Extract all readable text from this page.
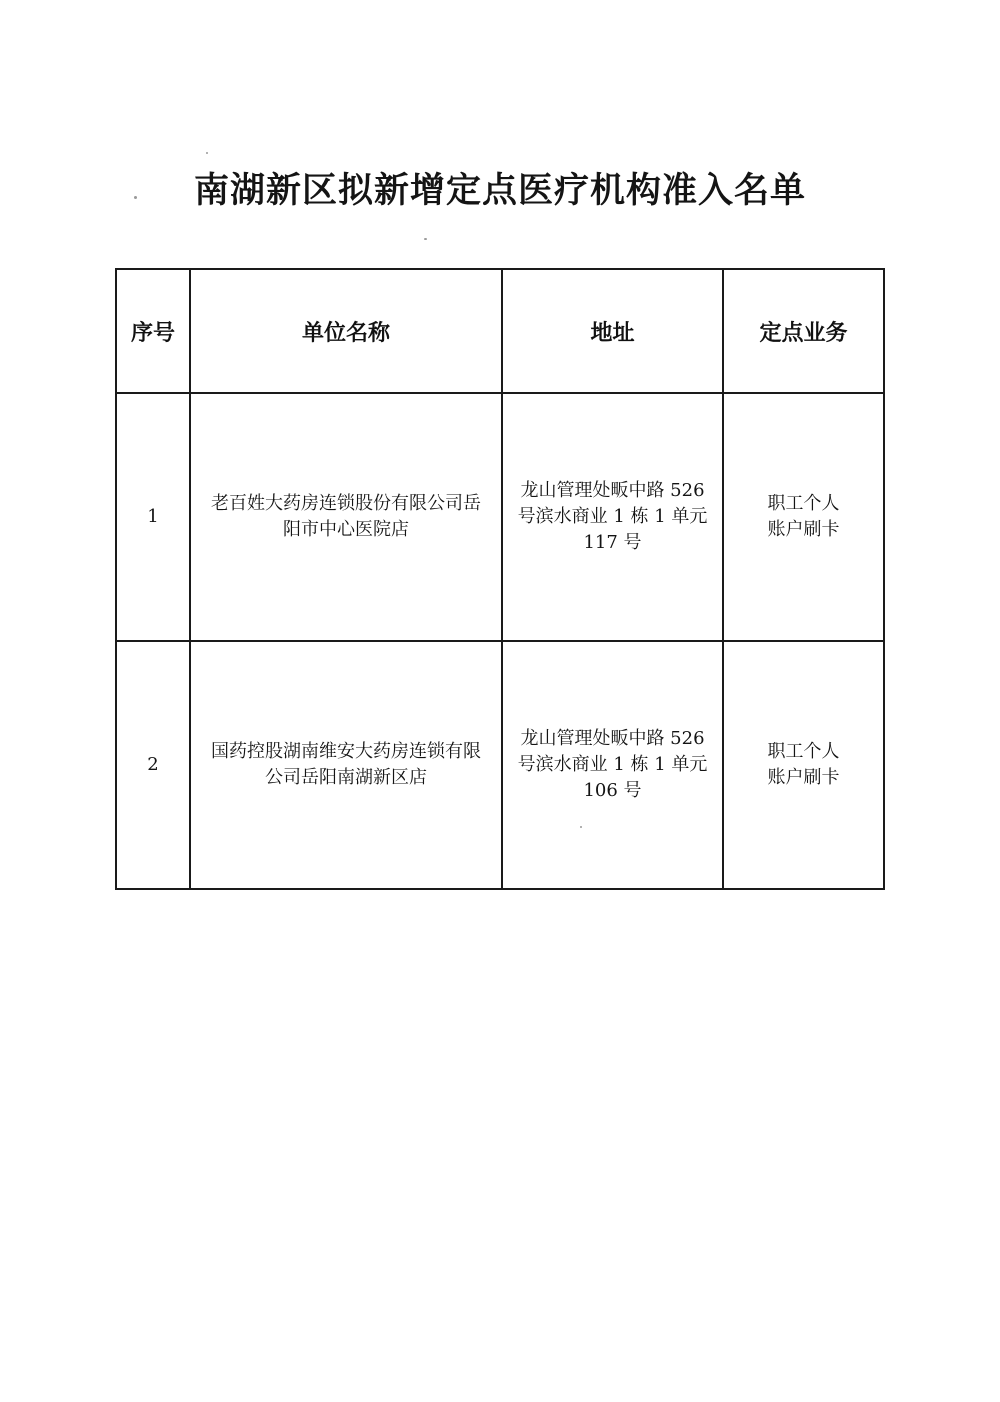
南湖新区拟新增定点医疗机构准入名单
序号	单位名称	地址	定点业务
1	老百姓大药房连锁股份有限公司岳阳市中心医院店	龙山管理处畈中路 526 号滨水商业 1 栋 1 单元 117 号	职工个人账户刷卡
2	国药控股湖南维安大药房连锁有限公司岳阳南湖新区店	龙山管理处畈中路 526 号滨水商业 1 栋 1 单元 106 号	职工个人账户刷卡
